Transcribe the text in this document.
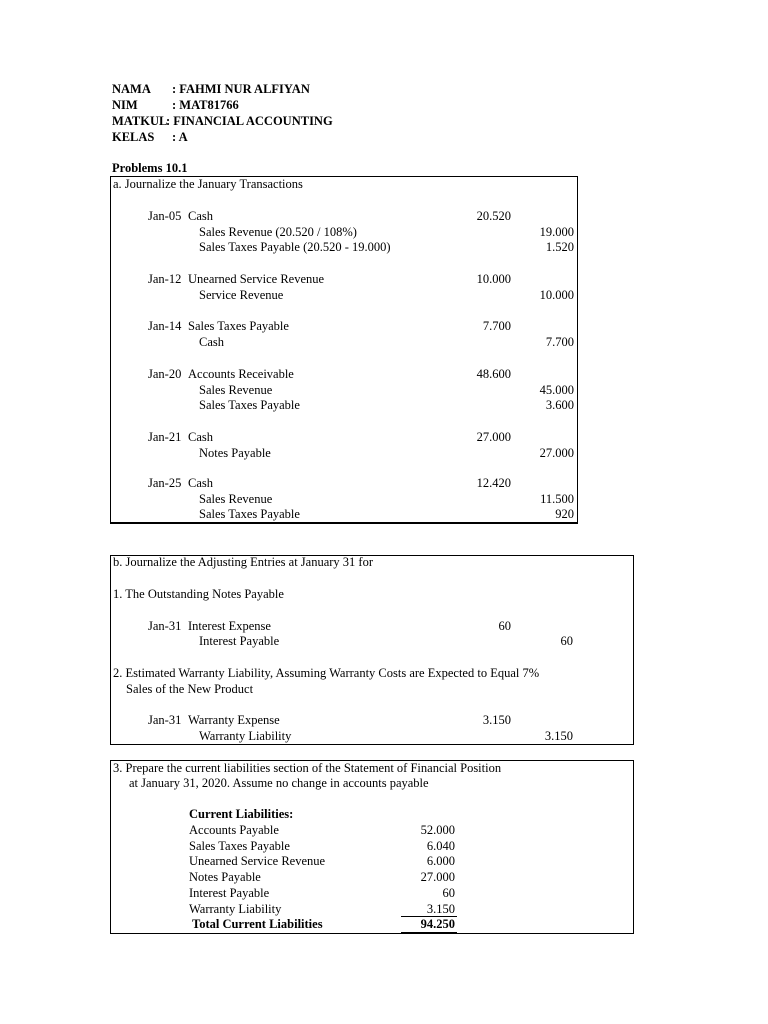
NAMA : FAHMI NUR ALFIYAN
NIM	: MAT81766
MATKUL
: FINANCIAL ACCOUNTING
KELAS : A
Problems 10.1
a. Journalize the January Transactions
Jan-05 Cash	20.520
Sales Revenue (20.520 / 108%)	19.000
Sales Taxes Payable (20.520 - 19.000)	1.520
Jan-12 Unearned Service Revenue	10.000
Service Revenue	10.000
Jan-14 Sales Taxes Payable	7.700
Cash	7.700
Jan-20 Accounts Receivable	48.600
Sales Revenue	45.000
Sales Taxes Payable	3.600
Jan-21 Cash	27.000
Notes Payable	27.000
Jan-25 Cash	12.420
Sales Revenue	11.500
Sales Taxes Payable	920
b. Journalize the Adjusting Entries at January 31 for
1. The Outstanding Notes Payable
Jan-31 Interest Expense	60
Interest Payable	60
2. Estimated Warranty Liability, Assuming Warranty Costs are Expected to Equal 7%
Sales of the New Product
Jan-31 Warranty Expense	3.150
Warranty Liability	3.150
3. Prepare the current liabilities section of the Statement of Financial Position
at January 31, 2020. Assume no change in accounts payable
Current Liabilities:
Accounts Payable	52.000
Sales Taxes Payable	6.040
Unearned Service Revenue	6.000
Notes Payable	27.000
Interest Payable	60
Warranty Liability	3.150
Total Current Liabilities	94.250
